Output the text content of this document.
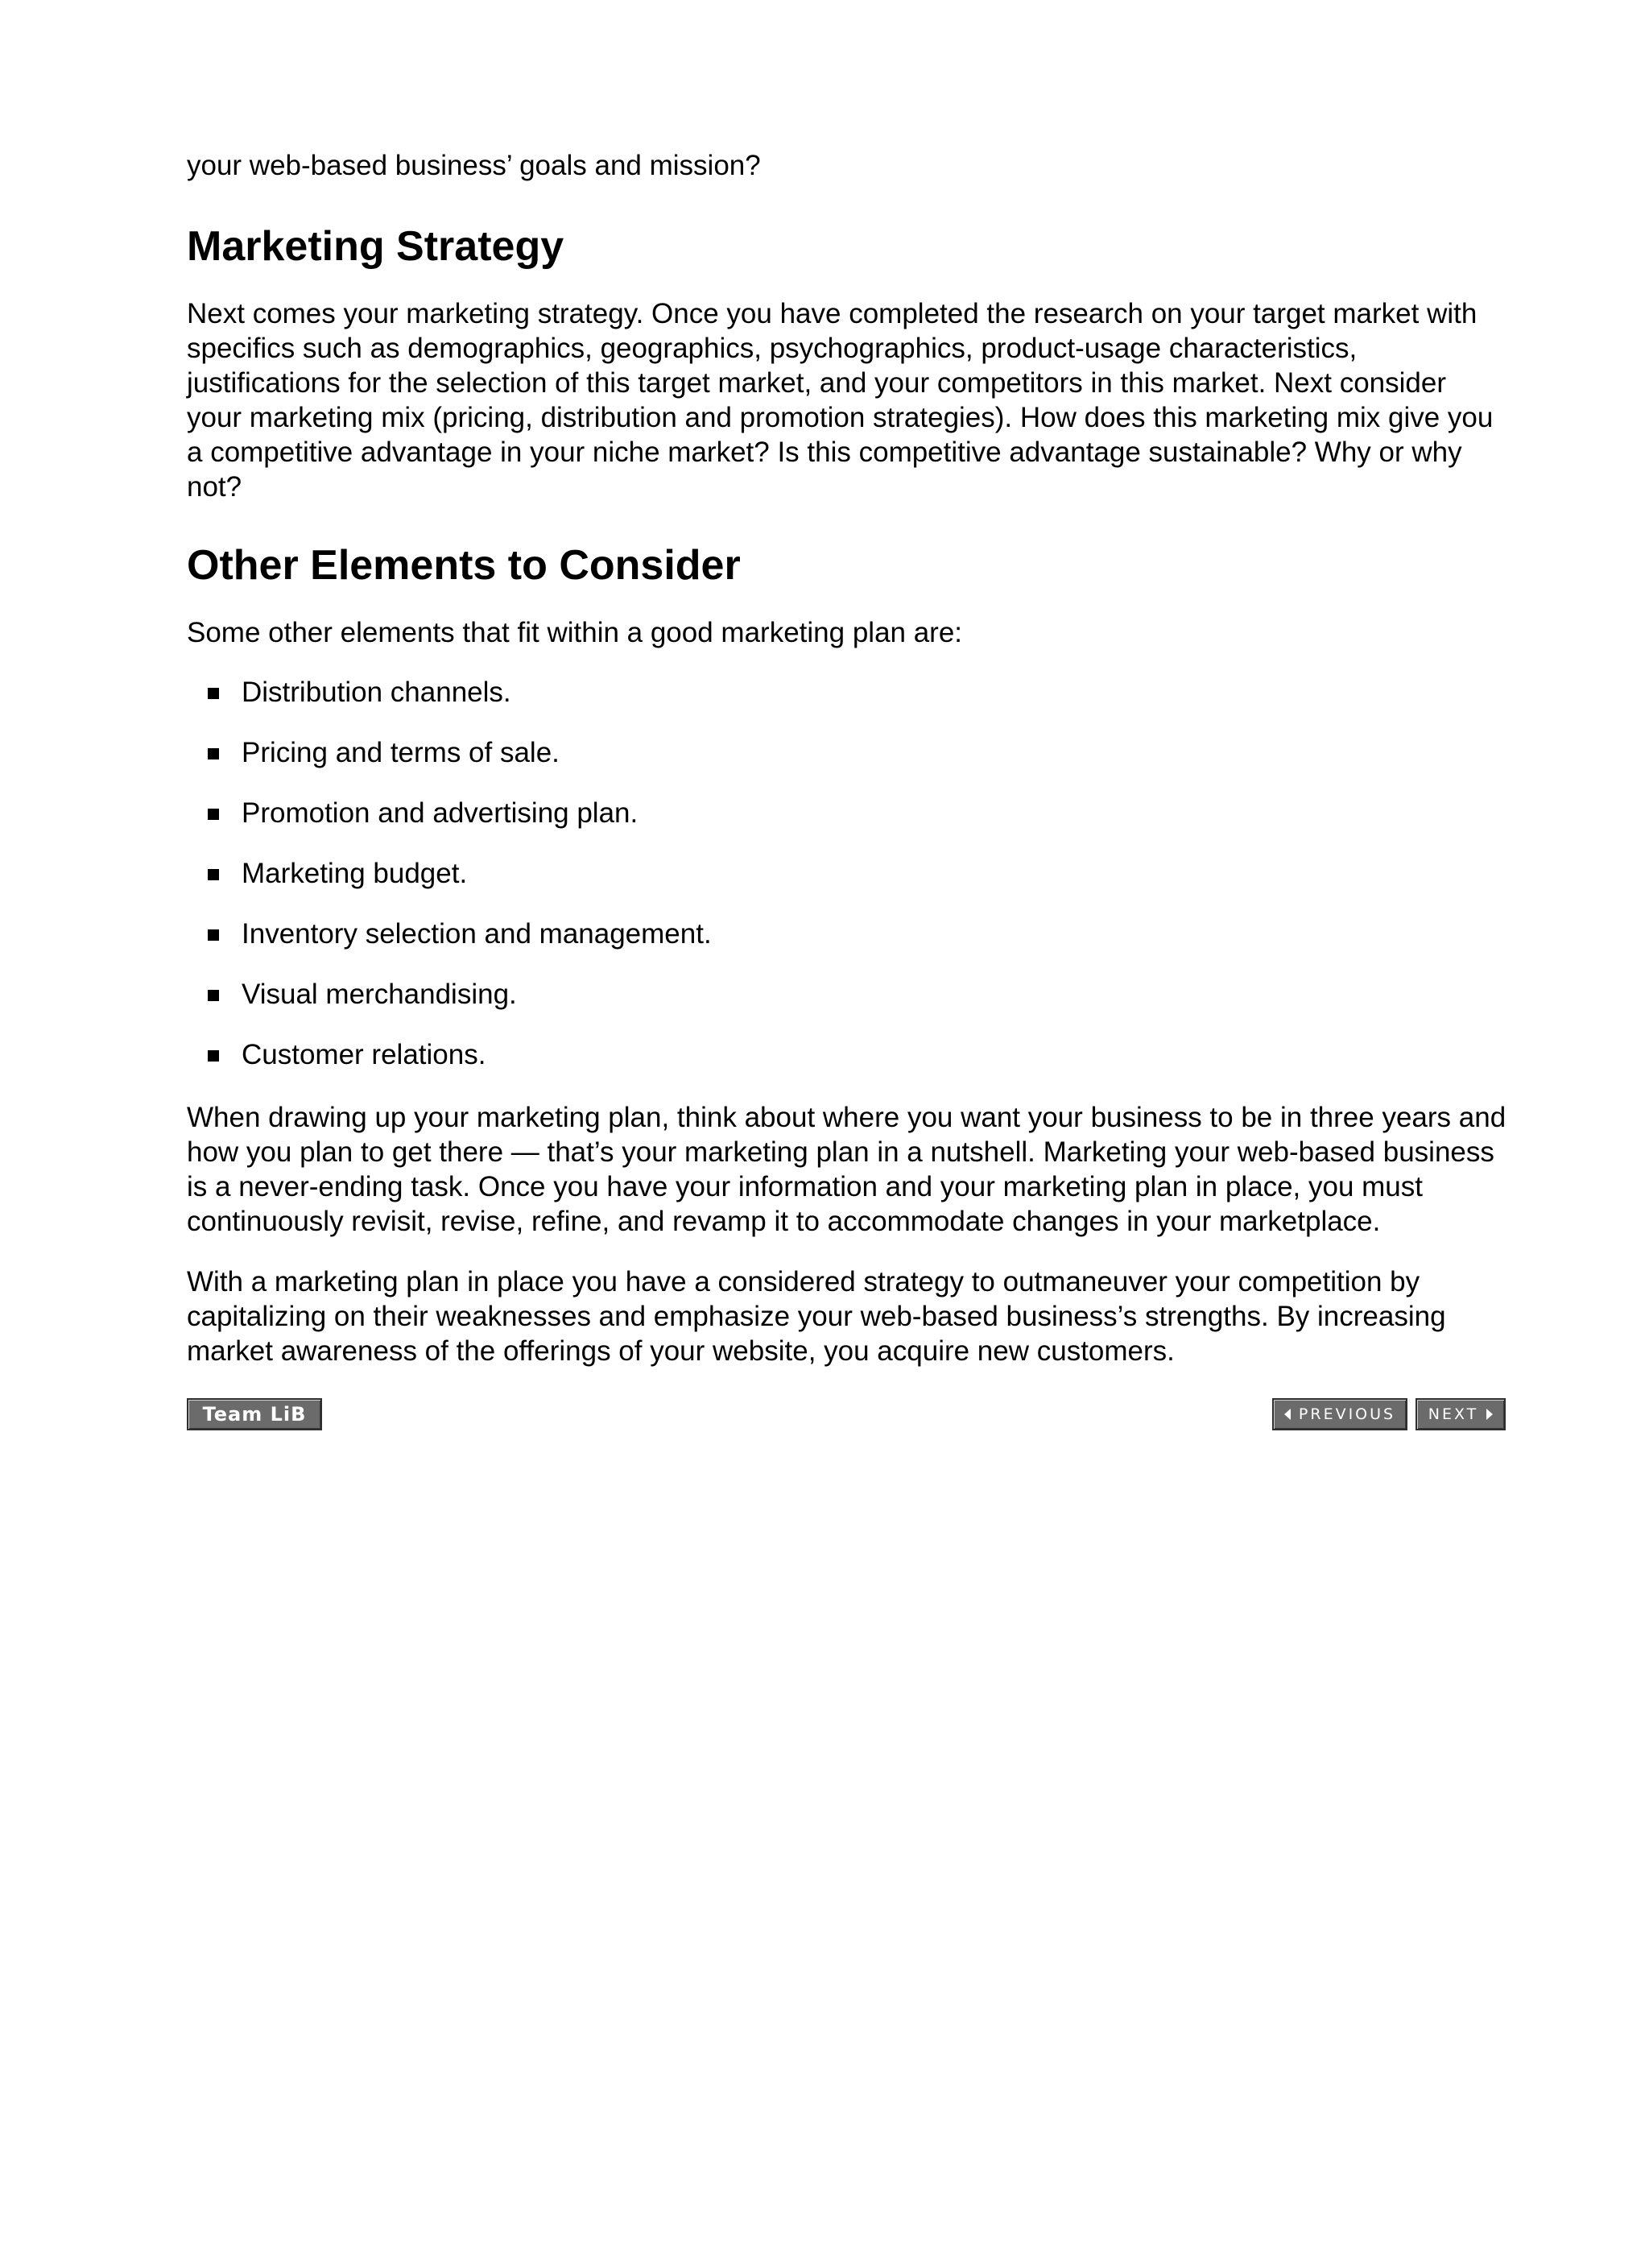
your web-based business’ goals and mission?

Marketing Strategy

Next comes your marketing strategy. Once you have completed the research on your target market with specifics such as demographics, geographics, psychographics, product-usage characteristics, justifications for the selection of this target market, and your competitors in this market. Next consider your marketing mix (pricing, distribution and promotion strategies). How does this marketing mix give you a competitive advantage in your niche market? Is this competitive advantage sustainable? Why or why not?

Other Elements to Consider

Some other elements that fit within a good marketing plan are:

Distribution channels.
Pricing and terms of sale.
Promotion and advertising plan.
Marketing budget.
Inventory selection and management.
Visual merchandising.
Customer relations.

When drawing up your marketing plan, think about where you want your business to be in three years and how you plan to get there — that’s your marketing plan in a nutshell. Marketing your web-based business is a never-ending task. Once you have your information and your marketing plan in place, you must continuously revisit, revise, refine, and revamp it to accommodate changes in your marketplace.

With a marketing plan in place you have a considered strategy to outmaneuver your competition by capitalizing on their weaknesses and emphasize your web-based business’s strengths. By increasing market awareness of the offerings of your website, you acquire new customers.

Team LiB	PREVIOUS NEXT
